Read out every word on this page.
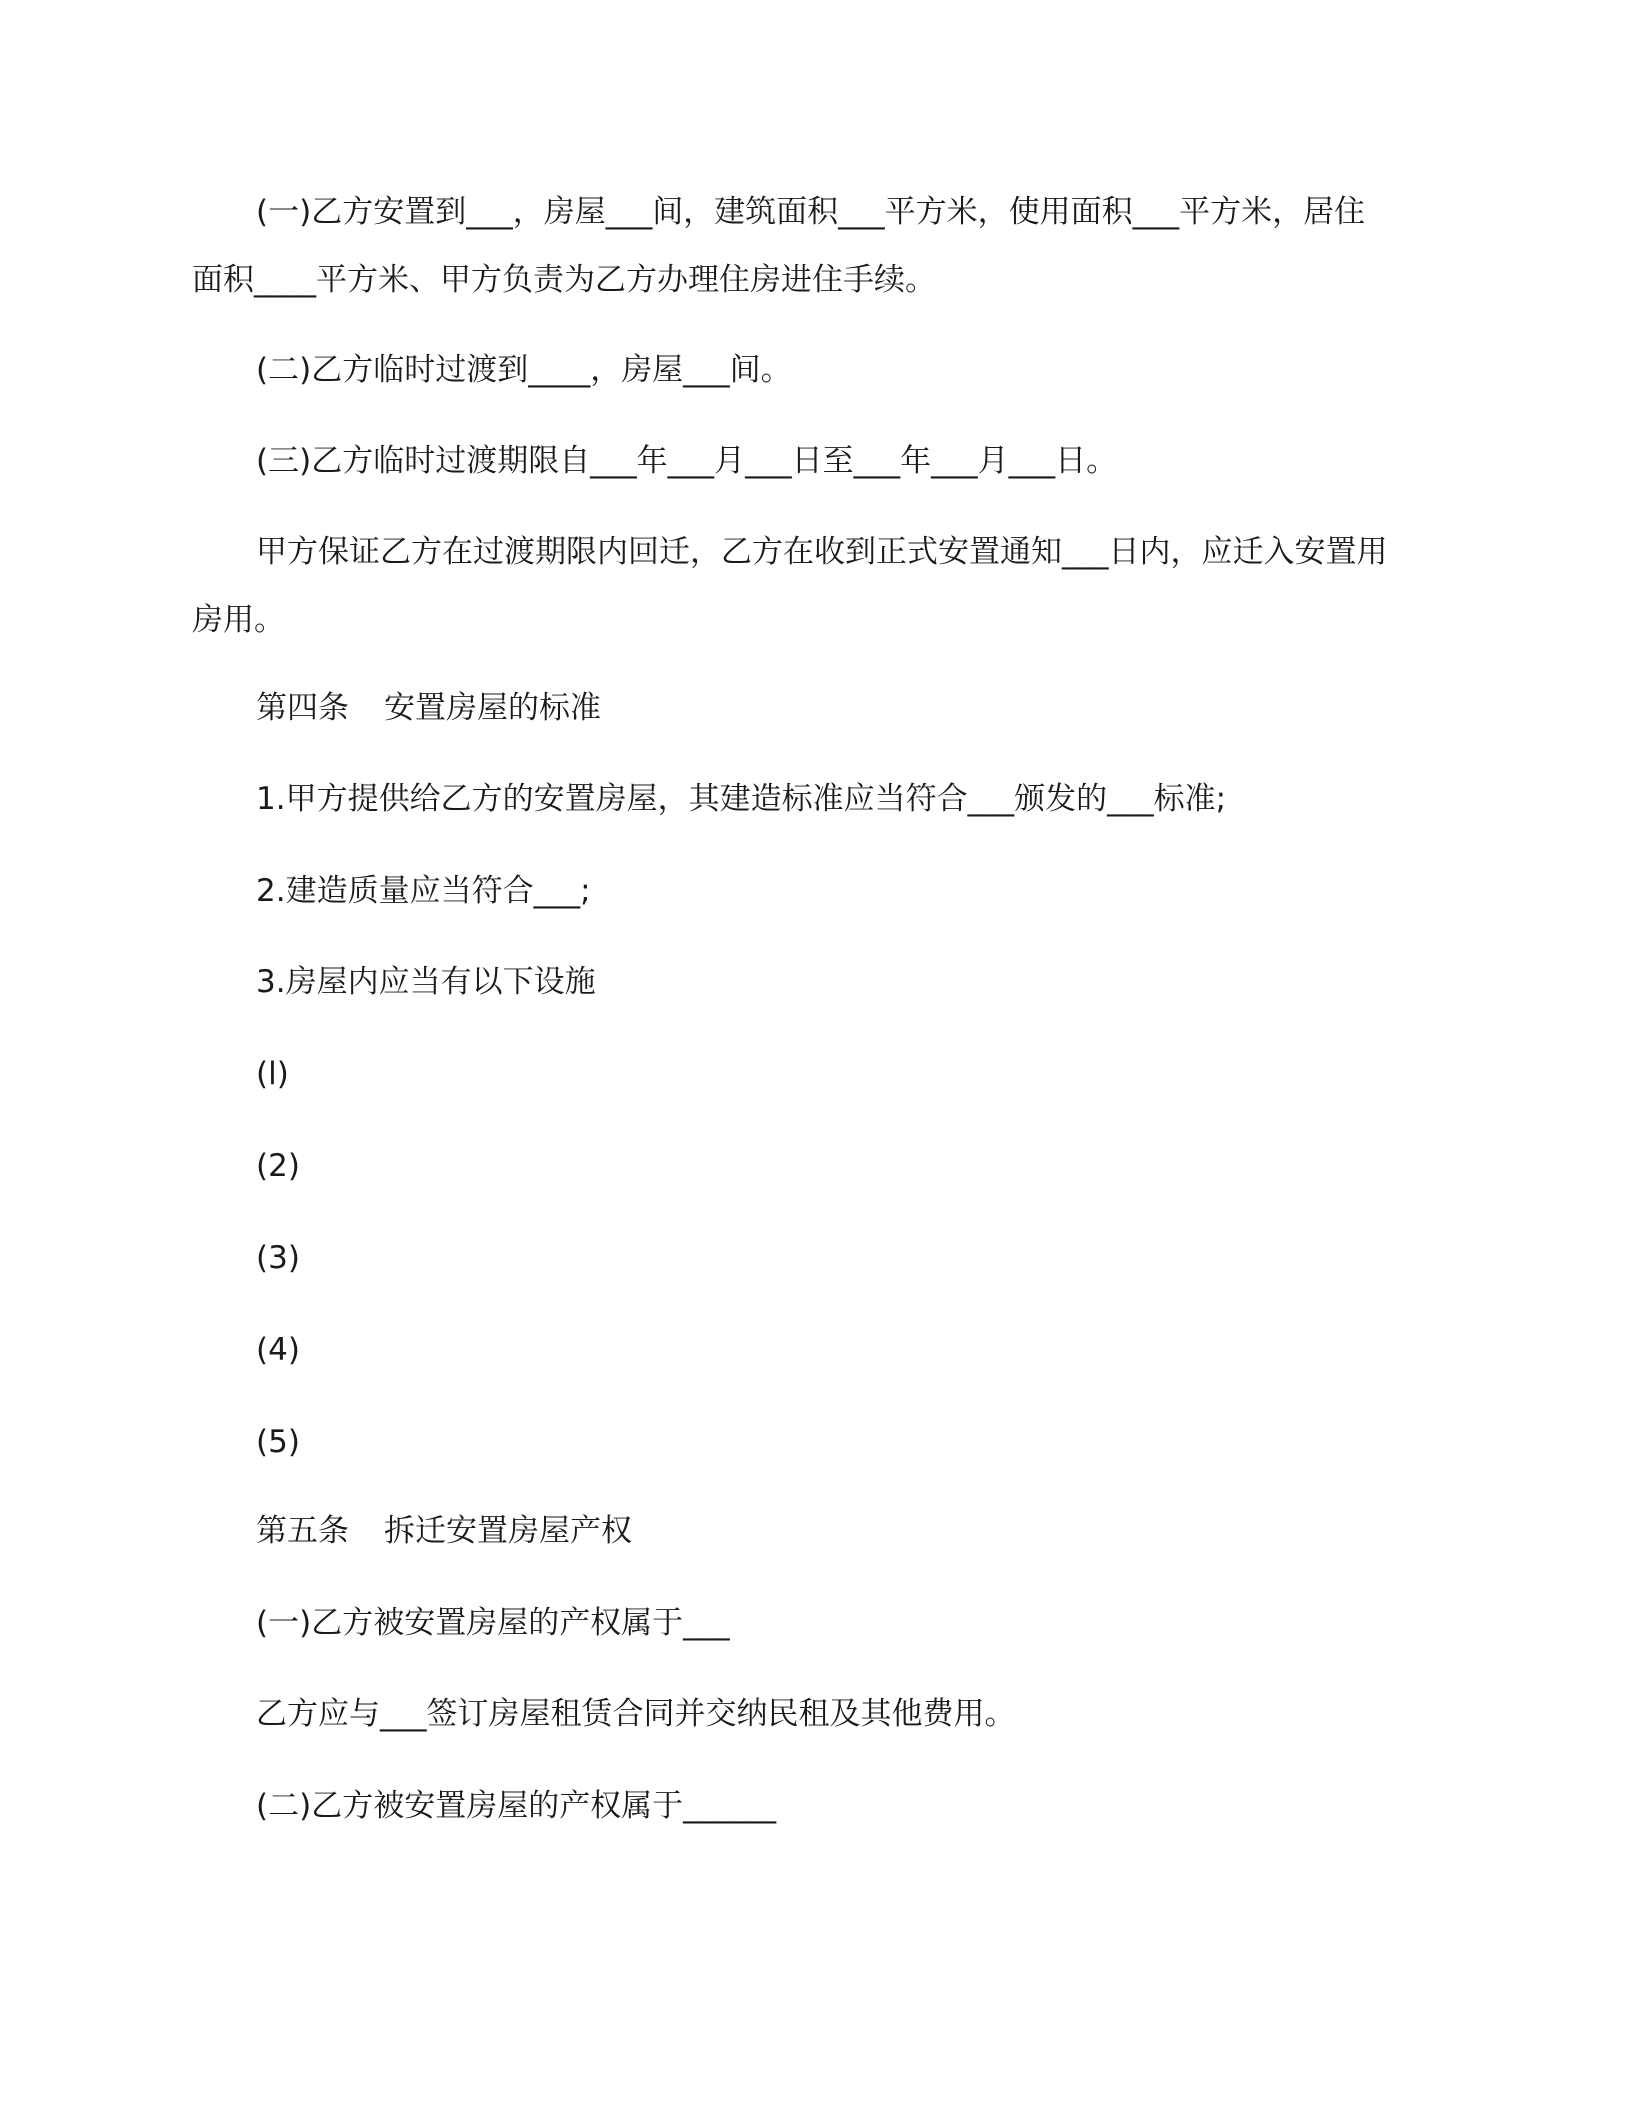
(一)乙方安置到___，房屋___间，建筑面积___平方米，使用面积___平方米，居住
面积____平方米、甲方负责为乙方办理住房进住手续。

(二)乙方临时过渡到____，房屋___间。

(三)乙方临时过渡期限自___年___月___日至___年___月___日。

甲方保证乙方在过渡期限内回迁，乙方在收到正式安置通知___日内，应迁入安置用
房用。

第四条 安置房屋的标准

1.甲方提供给乙方的安置房屋，其建造标准应当符合___颁发的___标准;

2.建造质量应当符合___;

3.房屋内应当有以下设施

(l)

(2)

(3)

(4)

(5)

第五条 拆迁安置房屋产权

(一)乙方被安置房屋的产权属于___

乙方应与___签订房屋租赁合同并交纳民租及其他费用。

(二)乙方被安置房屋的产权属于______
